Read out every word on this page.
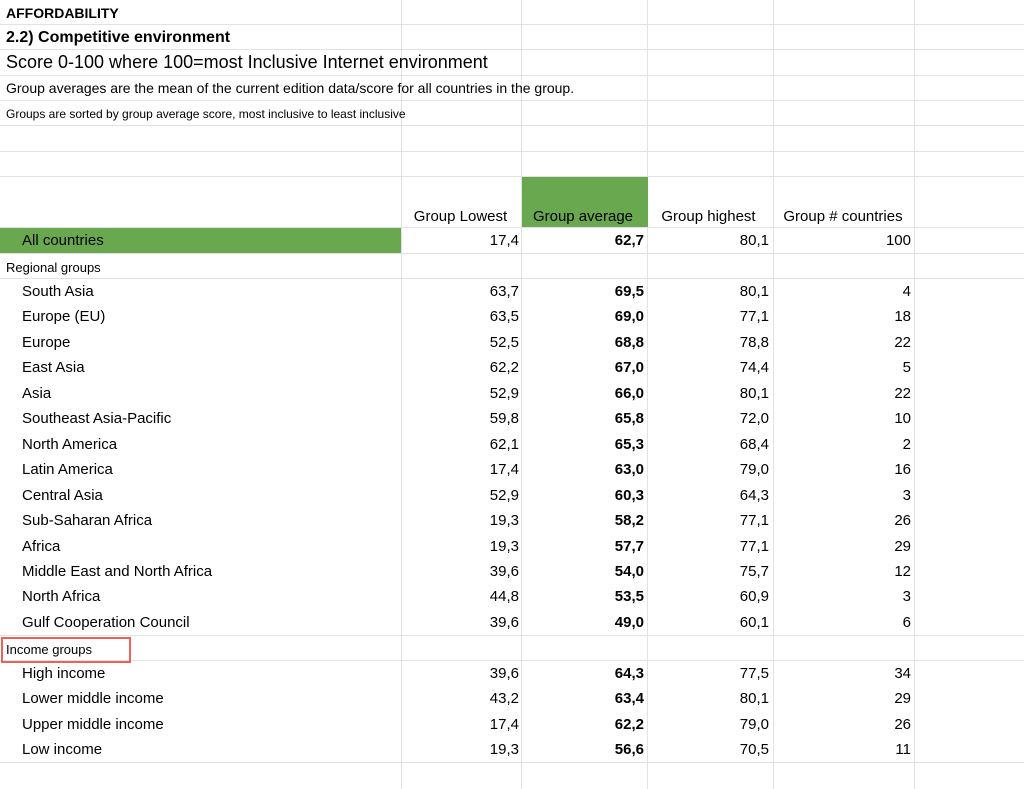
AFFORDABILITY
2.2) Competitive environment
Score 0-100 where 100=most Inclusive Internet environment
Group averages are the mean of the current edition data/score for all countries in the group.
Groups are sorted by group average score, most inclusive to least inclusive
Group Lowest	Group average	Group highest	Group # countries
All countries	17,4	62,7	80,1	100
Regional groups
South Asia	63,7	69,5	80,1	4
Europe (EU)	63,5	69,0	77,1	18
Europe	52,5	68,8	78,8	22
East Asia	62,2	67,0	74,4	5
Asia	52,9	66,0	80,1	22
Southeast Asia-Pacific	59,8	65,8	72,0	10
North America	62,1	65,3	68,4	2
Latin America	17,4	63,0	79,0	16
Central Asia	52,9	60,3	64,3	3
Sub-Saharan Africa	19,3	58,2	77,1	26
Africa	19,3	57,7	77,1	29
Middle East and North Africa	39,6	54,0	75,7	12
North Africa	44,8	53,5	60,9	3
Gulf Cooperation Council	39,6	49,0	60,1	6
Income groups
High income	39,6	64,3	77,5	34
Lower middle income	43,2	63,4	80,1	29
Upper middle income	17,4	62,2	79,0	26
Low income	19,3	56,6	70,5	11
